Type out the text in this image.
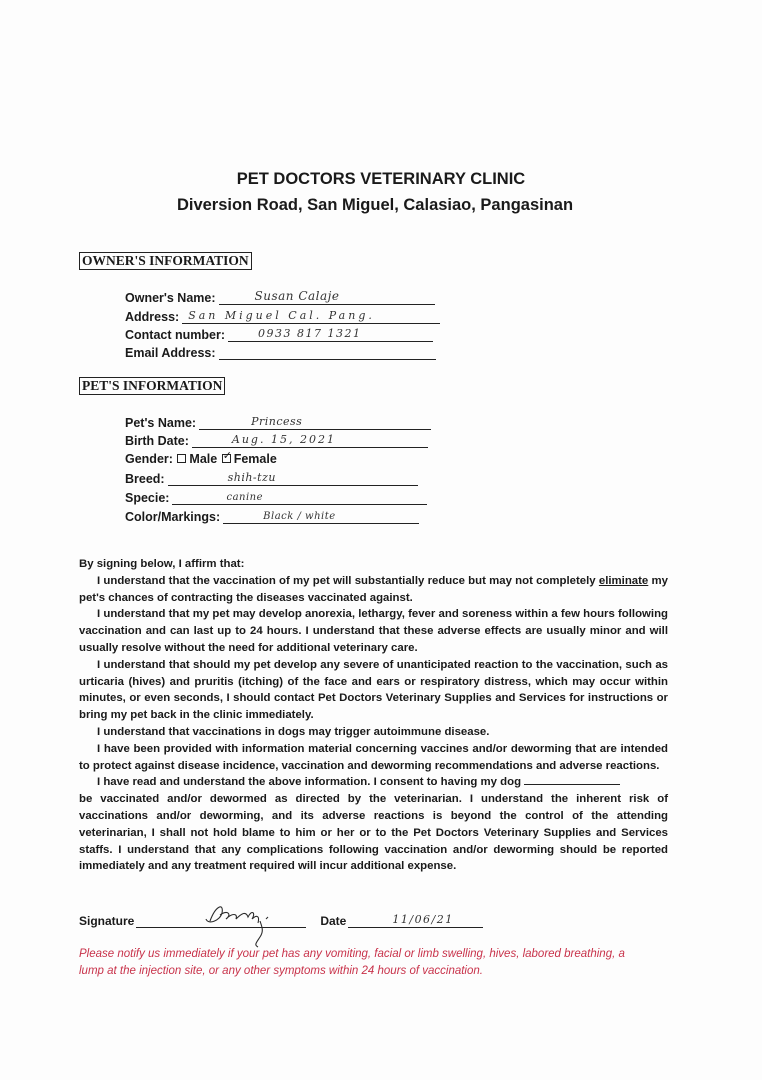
PET DOCTORS VETERINARY CLINIC
Diversion Road, San Miguel, Calasiao, Pangasinan
OWNER'S INFORMATION
Owner's Name:	Susan Calaje
Address: San Miguel Cal. Pang.
Contact number:	0933 817 1321
Email Address:
PET'S INFORMATION
Pet's Name:	Princess
Birth Date:	Aug. 15, 2021
Gender: Male ✓ Female
Breed:	shih-tzu
Specie:	canine
Color/Markings:	Black / white

By signing below, I affirm that:

I understand that the vaccination of my pet will substantially reduce but may not completely eliminate my pet's chances of contracting the diseases vaccinated against.

I understand that my pet may develop anorexia, lethargy, fever and soreness within a few hours following vaccination and can last up to 24 hours. I understand that these adverse effects are usually minor and will usually resolve without the need for additional veterinary care.

I understand that should my pet develop any severe of unanticipated reaction to the vaccination, such as urticaria (hives) and pruritis (itching) of the face and ears or respiratory distress, which may occur within minutes, or even seconds, I should contact Pet Doctors Veterinary Supplies and Services for instructions or bring my pet back in the clinic immediately.

I understand that vaccinations in dogs may trigger autoimmune disease.

I have been provided with information material concerning vaccines and/or deworming that are intended to protect against disease incidence, vaccination and deworming recommendations and adverse reactions.

I have read and understand the above information. I consent to having my dog

be vaccinated and/or dewormed as directed by the veterinarian. I understand the inherent risk of vaccinations and/or deworming, and its adverse reactions is beyond the control of the attending veterinarian, I shall not hold blame to him or her or to the Pet Doctors Veterinary Supplies and Services staffs. I understand that any complications following vaccination and/or deworming should be reported immediately and any treatment required will incur additional expense.

Signature	Date	11/06/21
Please notify us immediately if your pet has any vomiting, facial or limb swelling, hives, labored breathing, a lump at the injection site, or any other symptoms within 24 hours of vaccination.
